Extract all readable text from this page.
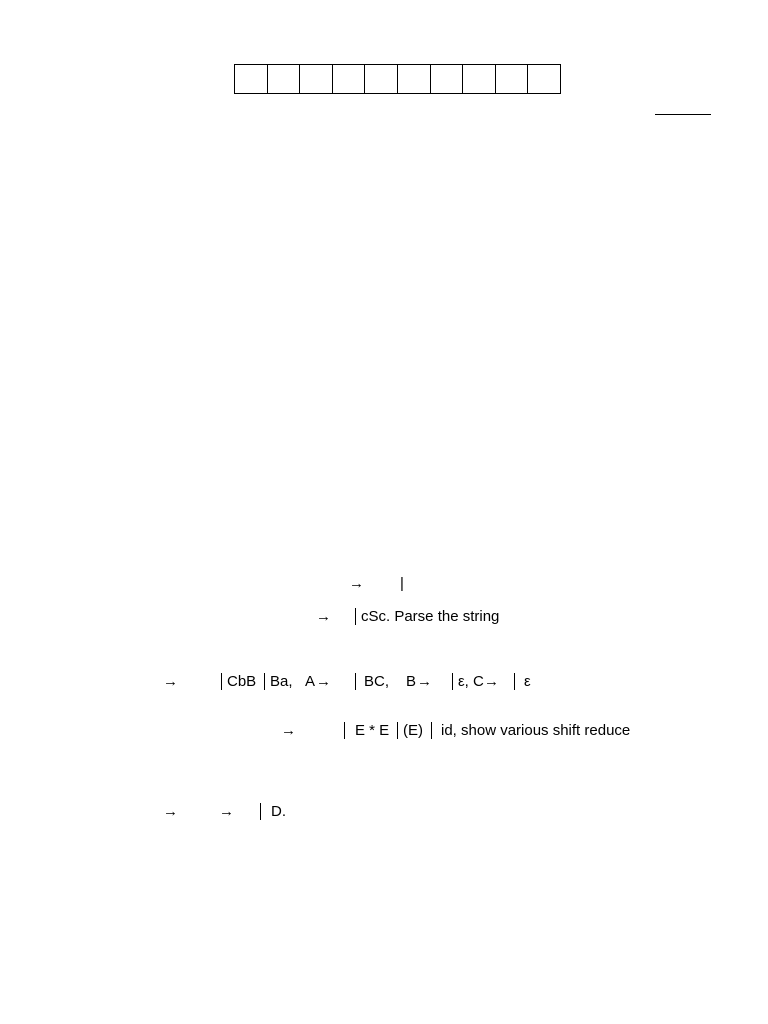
→ |
→ cSc. Parse the string
→	CbB Ba, A → BC, B → ε, C → ε
→	E * E (E) id, show various shift reduce
→	→ D.
